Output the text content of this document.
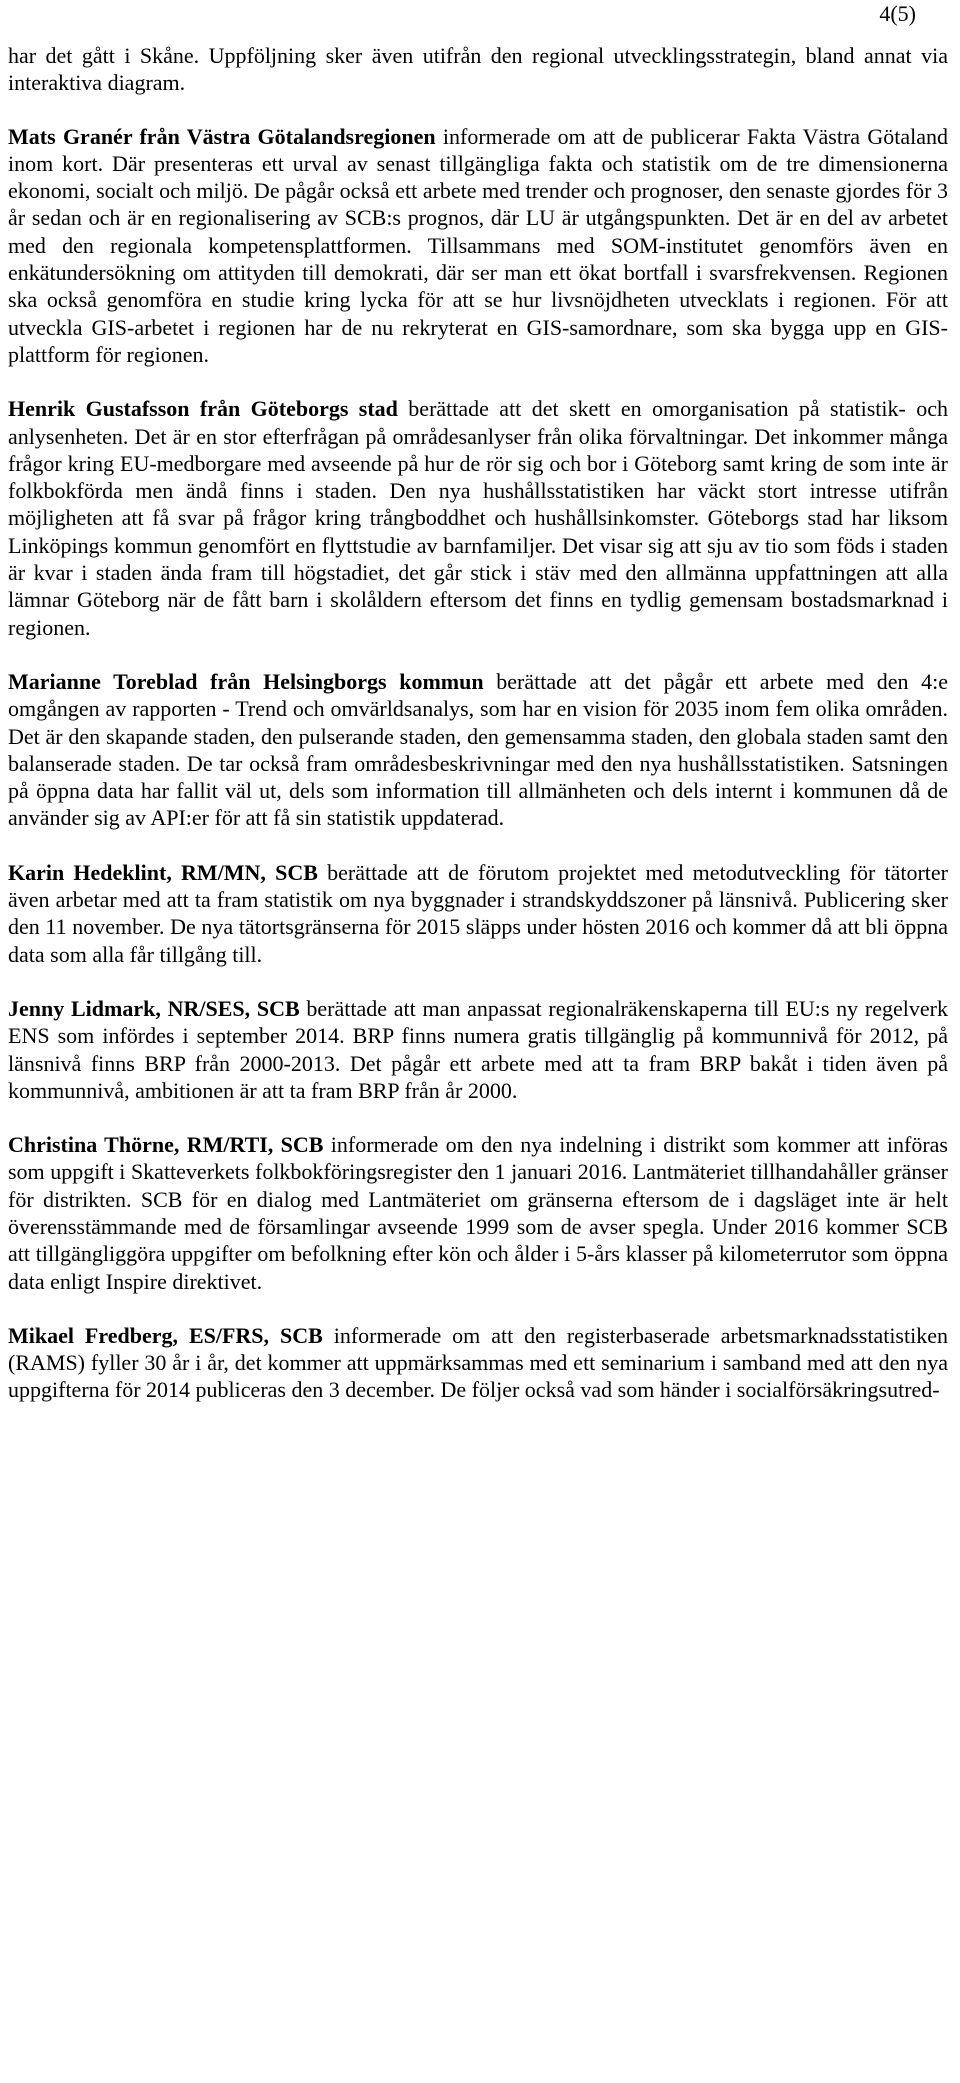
4(5)

har det gått i Skåne. Uppföljning sker även utifrån den regional utvecklingsstrategin, bland annat via interaktiva diagram.

Mats Granér från Västra Götalandsregionen informerade om att de publicerar Fakta Västra Götaland inom kort. Där presenteras ett urval av senast tillgängliga fakta och statistik om de tre dimensionerna ekonomi, socialt och miljö. De pågår också ett arbete med trender och prognoser, den senaste gjordes för 3 år sedan och är en regionalisering av SCB:s prognos, där LU är utgångspunkten. Det är en del av arbetet med den regionala kompetensplattformen. Tillsammans med SOM-institutet genomförs även en enkätundersökning om attityden till demokrati, där ser man ett ökat bortfall i svarsfrekvensen. Regionen ska också genomföra en studie kring lycka för att se hur livsnöjdheten utvecklats i regionen. För att utveckla GIS-arbetet i regionen har de nu rekryterat en GIS-samordnare, som ska bygga upp en GIS-plattform för regionen.

Henrik Gustafsson från Göteborgs stad berättade att det skett en omorganisation på statistik- och anlysenheten. Det är en stor efterfrågan på områdesanlyser från olika förvaltningar. Det inkommer många frågor kring EU-medborgare med avseende på hur de rör sig och bor i Göteborg samt kring de som inte är folkbokförda men ändå finns i staden. Den nya hushållsstatistiken har väckt stort intresse utifrån möjligheten att få svar på frågor kring trångboddhet och hushållsinkomster. Göteborgs stad har liksom Linköpings kommun genomfört en flyttstudie av barnfamiljer. Det visar sig att sju av tio som föds i staden är kvar i staden ända fram till högstadiet, det går stick i stäv med den allmänna uppfattningen att alla lämnar Göteborg när de fått barn i skolåldern eftersom det finns en tydlig gemensam bostadsmarknad i regionen.

Marianne Toreblad från Helsingborgs kommun berättade att det pågår ett arbete med den 4:e omgången av rapporten - Trend och omvärldsanalys, som har en vision för 2035 inom fem olika områden. Det är den skapande staden, den pulserande staden, den gemensamma staden, den globala staden samt den balanserade staden. De tar också fram områdesbeskrivningar med den nya hushållsstatistiken. Satsningen på öppna data har fallit väl ut, dels som information till allmänheten och dels internt i kommunen då de använder sig av API:er för att få sin statistik uppdaterad.

Karin Hedeklint, RM/MN, SCB berättade att de förutom projektet med metodutveckling för tätorter även arbetar med att ta fram statistik om nya byggnader i strandskyddszoner på länsnivå. Publicering sker den 11 november. De nya tätortsgränserna för 2015 släpps under hösten 2016 och kommer då att bli öppna data som alla får tillgång till.

Jenny Lidmark, NR/SES, SCB berättade att man anpassat regionalräkenskaperna till EU:s ny regelverk ENS som infördes i september 2014. BRP finns numera gratis tillgänglig på kommunnivå för 2012, på länsnivå finns BRP från 2000-2013. Det pågår ett arbete med att ta fram BRP bakåt i tiden även på kommunnivå, ambitionen är att ta fram BRP från år 2000.

Christina Thörne, RM/RTI, SCB informerade om den nya indelning i distrikt som kommer att införas som uppgift i Skatteverkets folkbokföringsregister den 1 januari 2016. Lantmäteriet tillhandahåller gränser för distrikten. SCB för en dialog med Lantmäteriet om gränserna eftersom de i dagsläget inte är helt överensstämmande med de församlingar avseende 1999 som de avser spegla. Under 2016 kommer SCB att tillgängliggöra uppgifter om befolkning efter kön och ålder i 5-års klasser på kilometerrutor som öppna data enligt Inspire direktivet.

Mikael Fredberg, ES/FRS, SCB informerade om att den registerbaserade arbetsmarknadsstatistiken (RAMS) fyller 30 år i år, det kommer att uppmärksammas med ett seminarium i samband med att den nya uppgifterna för 2014 publiceras den 3 december. De följer också vad som händer i socialförsäkringsutred-
